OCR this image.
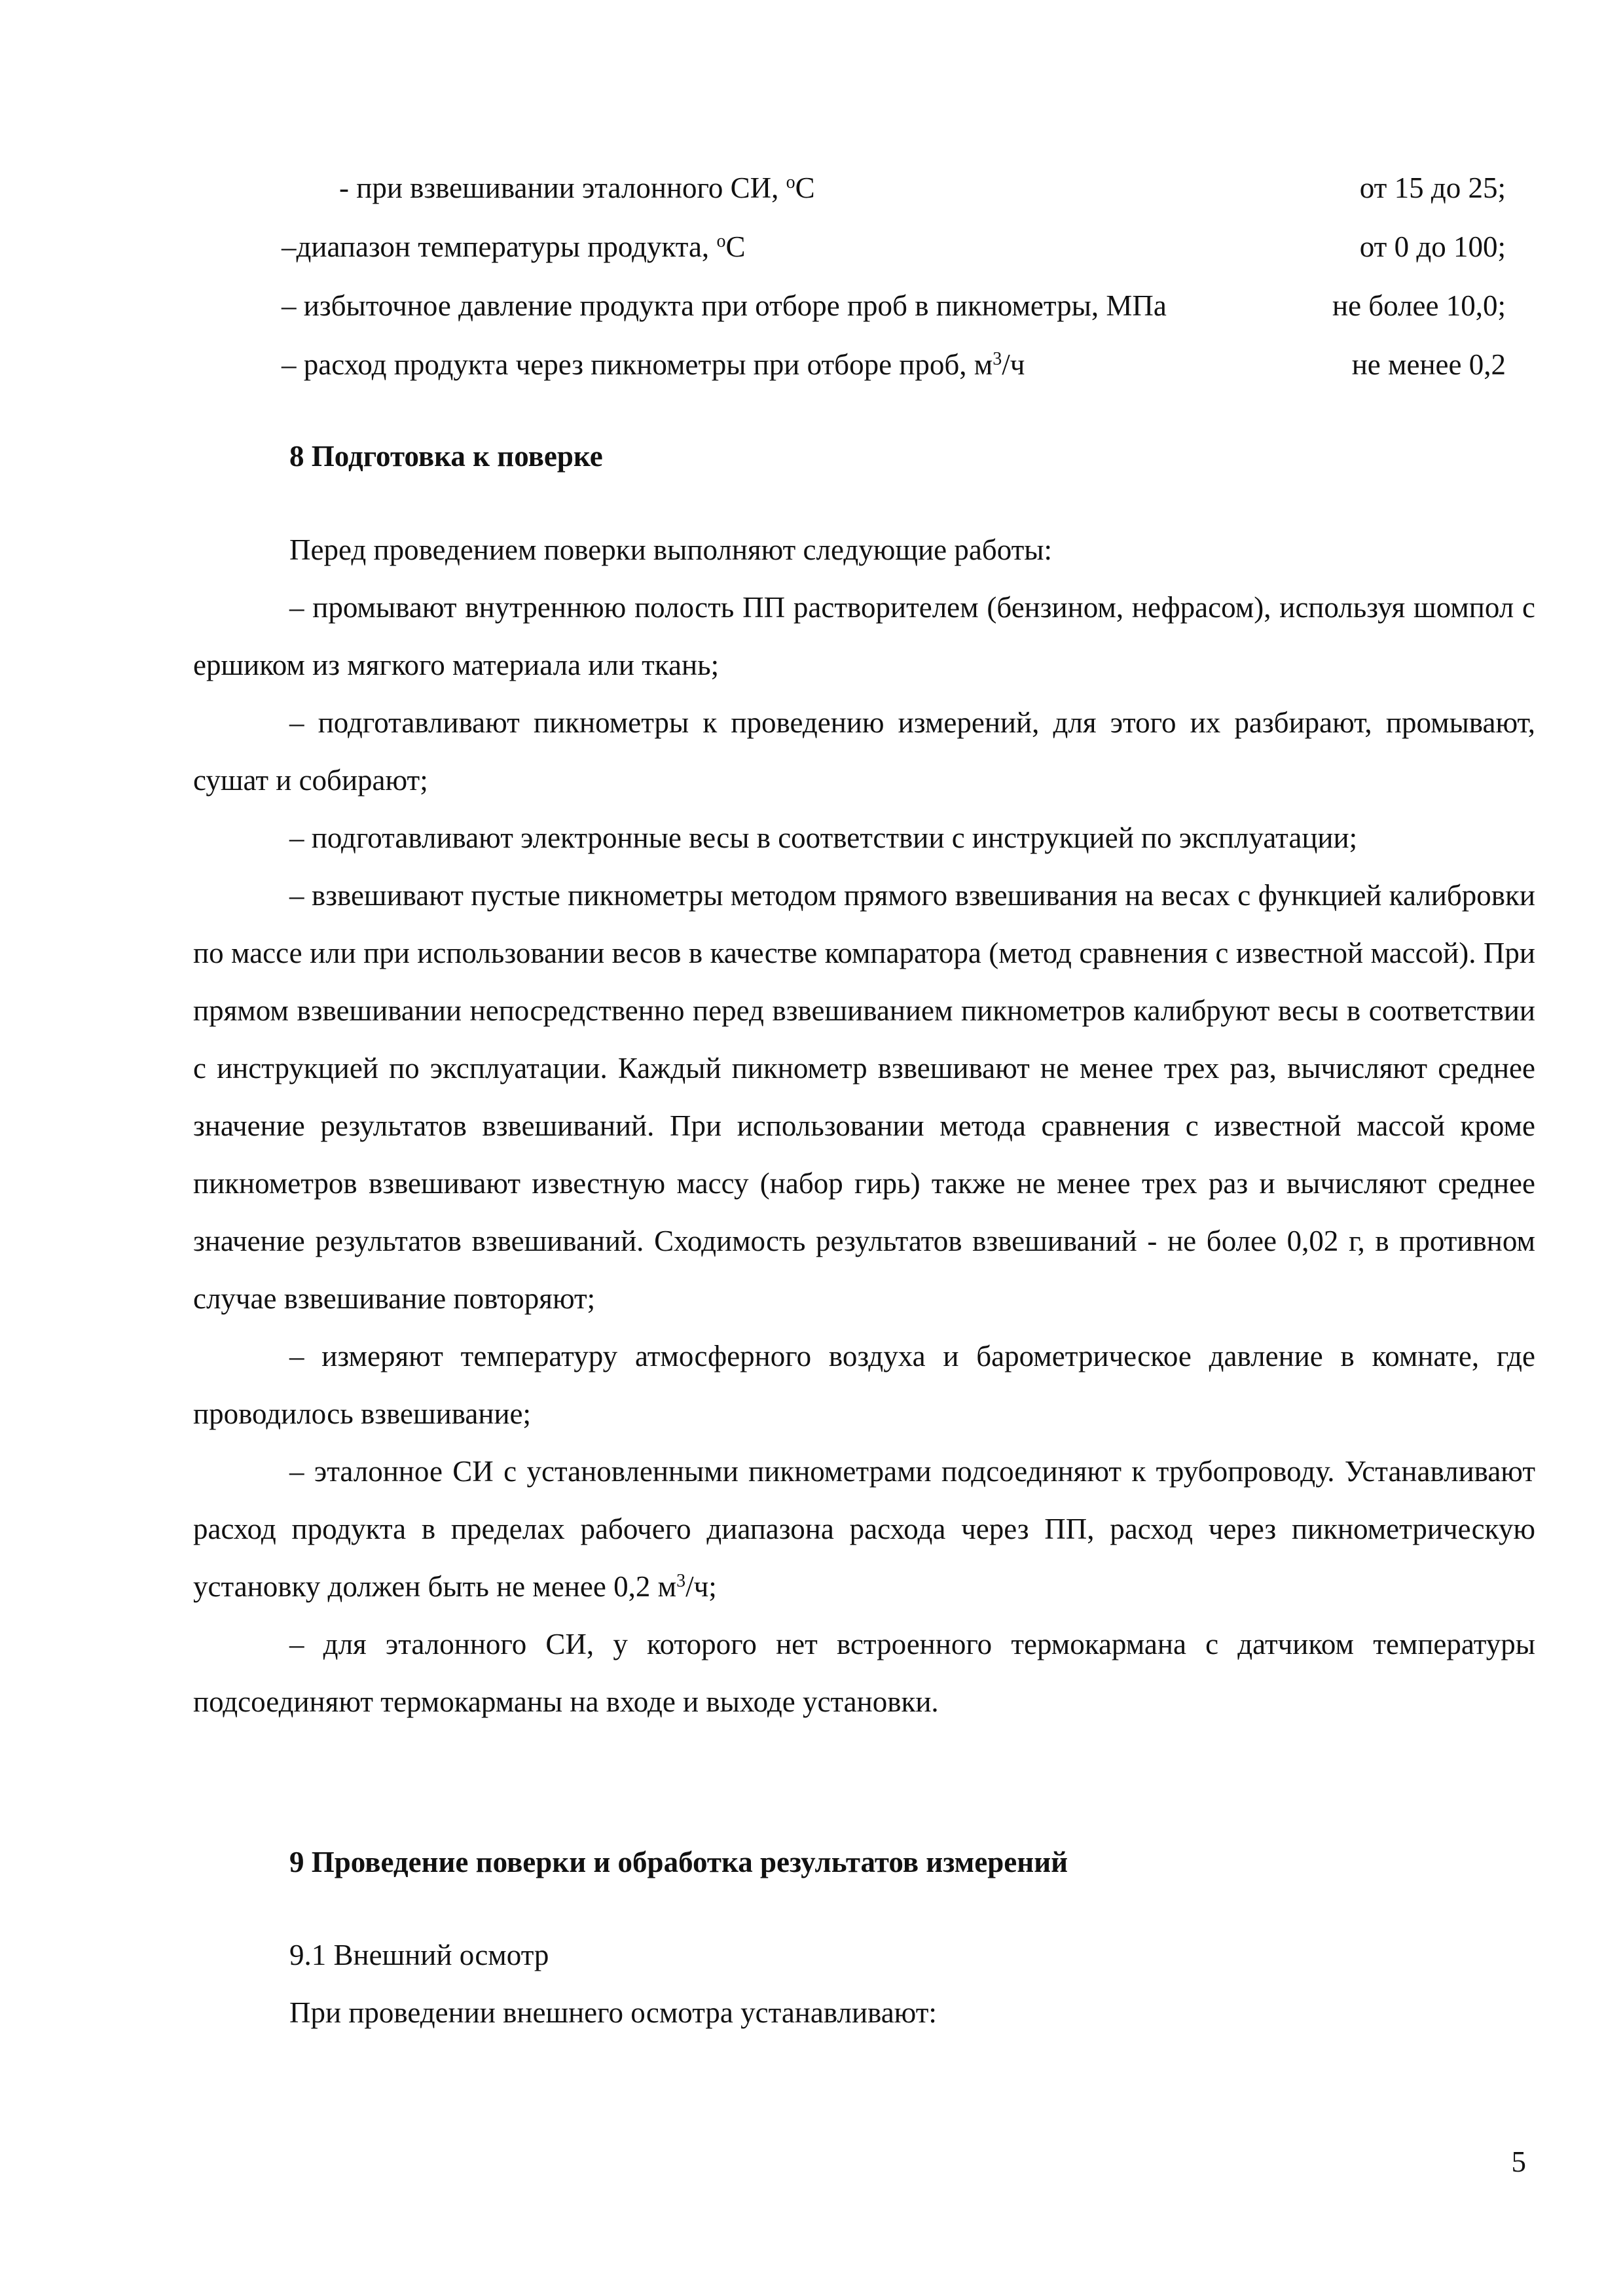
- при взвешивании эталонного СИ, $^o$С	от 15 до 25;
–диапазон температуры продукта, $^o$С	от 0 до 100;
– избыточное давление продукта при отборе проб в пикнометры, МПа	не более 10,0;
– расход продукта через пикнометры при отборе проб, $м^3/ч$	не менее 0,2
8 Подготовка к поверке

Перед проведением поверки выполняют следующие работы:

– промывают внутреннюю полость ПП растворителем (бензином, нефрасом), используя шомпол с ершиком из мягкого материала или ткань;

– подготавливают пикнометры к проведению измерений, для этого их разбирают, промывают, сушат и собирают;

– подготавливают электронные весы в соответствии с инструкцией по эксплуатации;

– взвешивают пустые пикнометры методом прямого взвешивания на весах с функцией калибровки по массе или при использовании весов в качестве компаратора (метод сравнения с известной массой). При прямом взвешивании непосредственно перед взвешиванием пикнометров калибруют весы в соответствии с инструкцией по эксплуатации. Каждый пикнометр взвешивают не менее трех раз, вычисляют среднее значение результатов взвешиваний. При использовании метода сравнения с известной массой кроме пикнометров взвешивают известную массу (набор гирь) также не менее трех раз и вычисляют среднее значение результатов взвешиваний. Сходимость результатов взвешиваний - не более 0,02 г, в противном случае взвешивание повторяют;

– измеряют температуру атмосферного воздуха и барометрическое давление в комнате, где проводилось взвешивание;

– эталонное СИ с установленными пикнометрами подсоединяют к трубопроводу. Устанавливают расход продукта в пределах рабочего диапазона расхода через ПП, расход через пикнометрическую установку должен быть не менее 0,2 $м^3/ч$;

– для эталонного СИ, у которого нет встроенного термокармана с датчиком температуры подсоединяют термокарманы на входе и выходе установки.

9 Проведение поверки и обработка результатов измерений
9.1 Внешний осмотр
При проведении внешнего осмотра устанавливают:
5
